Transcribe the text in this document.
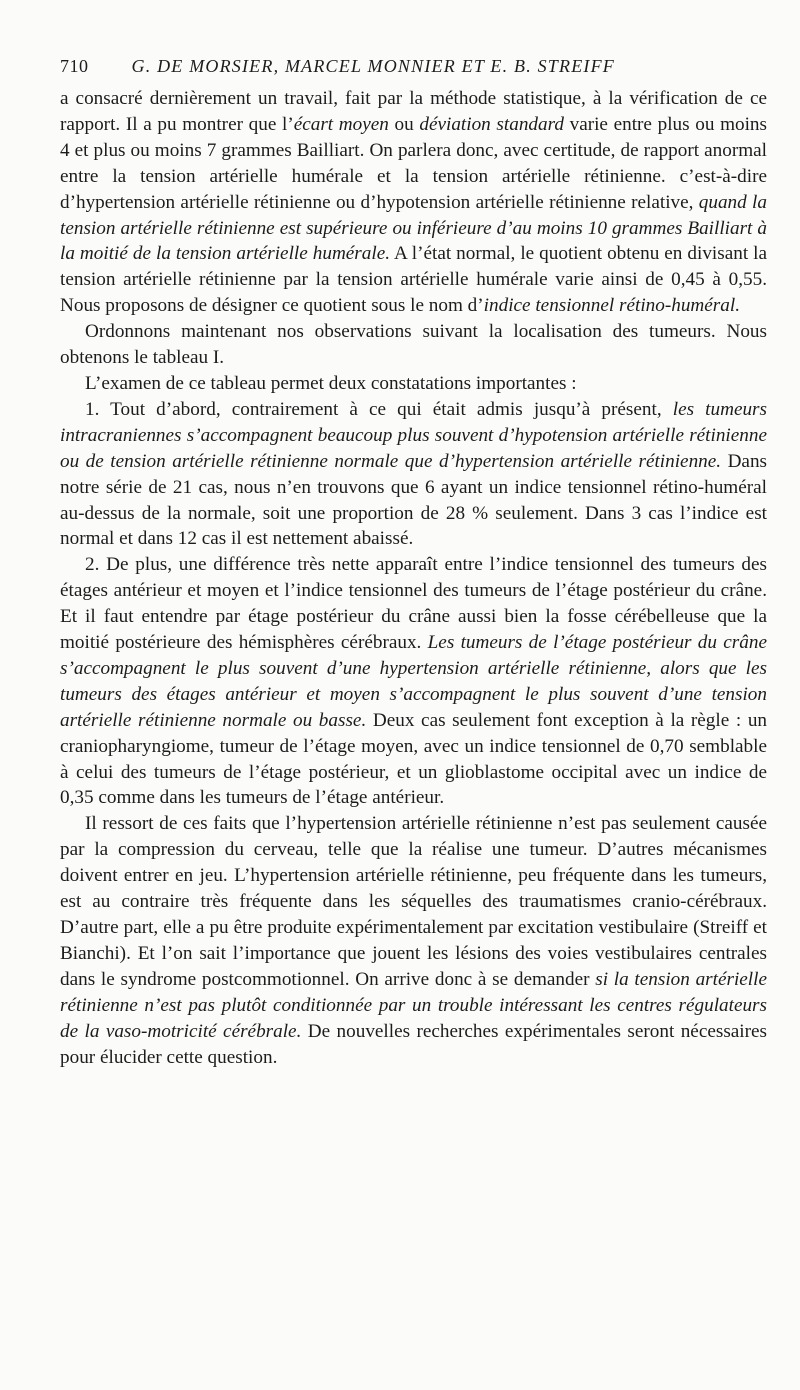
710 G. DE MORSIER, MARCEL MONNIER ET E. B. STREIFF

a consacré dernièrement un travail, fait par la méthode statistique, à la vérification de ce rapport. Il a pu montrer que l’écart moyen ou déviation standard varie entre plus ou moins 4 et plus ou moins 7 grammes Bailliart. On parlera donc, avec certitude, de rapport anormal entre la tension artérielle humérale et la tension artérielle rétinienne. c’est-à-dire d’hypertension artérielle rétinienne ou d’hypotension artérielle rétinienne relative, quand la tension artérielle rétinienne est supérieure ou inférieure d’au moins 10 grammes Bailliart à la moitié de la tension artérielle humérale. A l’état normal, le quotient obtenu en divisant la tension artérielle rétinienne par la tension artérielle humérale varie ainsi de 0,45 à 0,55. Nous proposons de désigner ce quotient sous le nom d’indice tensionnel rétino-huméral.

Ordonnons maintenant nos observations suivant la localisation des tumeurs. Nous obtenons le tableau I.

L’examen de ce tableau permet deux constatations importantes :

1. Tout d’abord, contrairement à ce qui était admis jusqu’à présent, les tumeurs intracraniennes s’accompagnent beaucoup plus souvent d’hypotension artérielle rétinienne ou de tension artérielle rétinienne normale que d’hypertension artérielle rétinienne. Dans notre série de 21 cas, nous n’en trouvons que 6 ayant un indice tensionnel rétino-huméral au-dessus de la normale, soit une proportion de 28 % seulement. Dans 3 cas l’indice est normal et dans 12 cas il est nettement abaissé.

2. De plus, une différence très nette apparaît entre l’indice tensionnel des tumeurs des étages antérieur et moyen et l’indice tensionnel des tumeurs de l’étage postérieur du crâne. Et il faut entendre par étage postérieur du crâne aussi bien la fosse cérébelleuse que la moitié postérieure des hémisphères cérébraux. Les tumeurs de l’étage postérieur du crâne s’accompagnent le plus souvent d’une hypertension artérielle rétinienne, alors que les tumeurs des étages antérieur et moyen s’accompagnent le plus souvent d’une tension artérielle rétinienne normale ou basse. Deux cas seulement font exception à la règle : un craniopharyngiome, tumeur de l’étage moyen, avec un indice tensionnel de 0,70 semblable à celui des tumeurs de l’étage postérieur, et un glioblastome occipital avec un indice de 0,35 comme dans les tumeurs de l’étage antérieur.

Il ressort de ces faits que l’hypertension artérielle rétinienne n’est pas seulement causée par la compression du cerveau, telle que la réalise une tumeur. D’autres mécanismes doivent entrer en jeu. L’hypertension artérielle rétinienne, peu fréquente dans les tumeurs, est au contraire très fréquente dans les séquelles des traumatismes cranio-cérébraux. D’autre part, elle a pu être produite expérimentalement par excitation vestibulaire (Streiff et Bianchi). Et l’on sait l’importance que jouent les lésions des voies vestibulaires centrales dans le syndrome postcommotionnel. On arrive donc à se demander si la tension artérielle rétinienne n’est pas plutôt conditionnée par un trouble intéressant les centres régulateurs de la vaso-motricité cérébrale. De nouvelles recherches expérimentales seront nécessaires pour élucider cette question.
